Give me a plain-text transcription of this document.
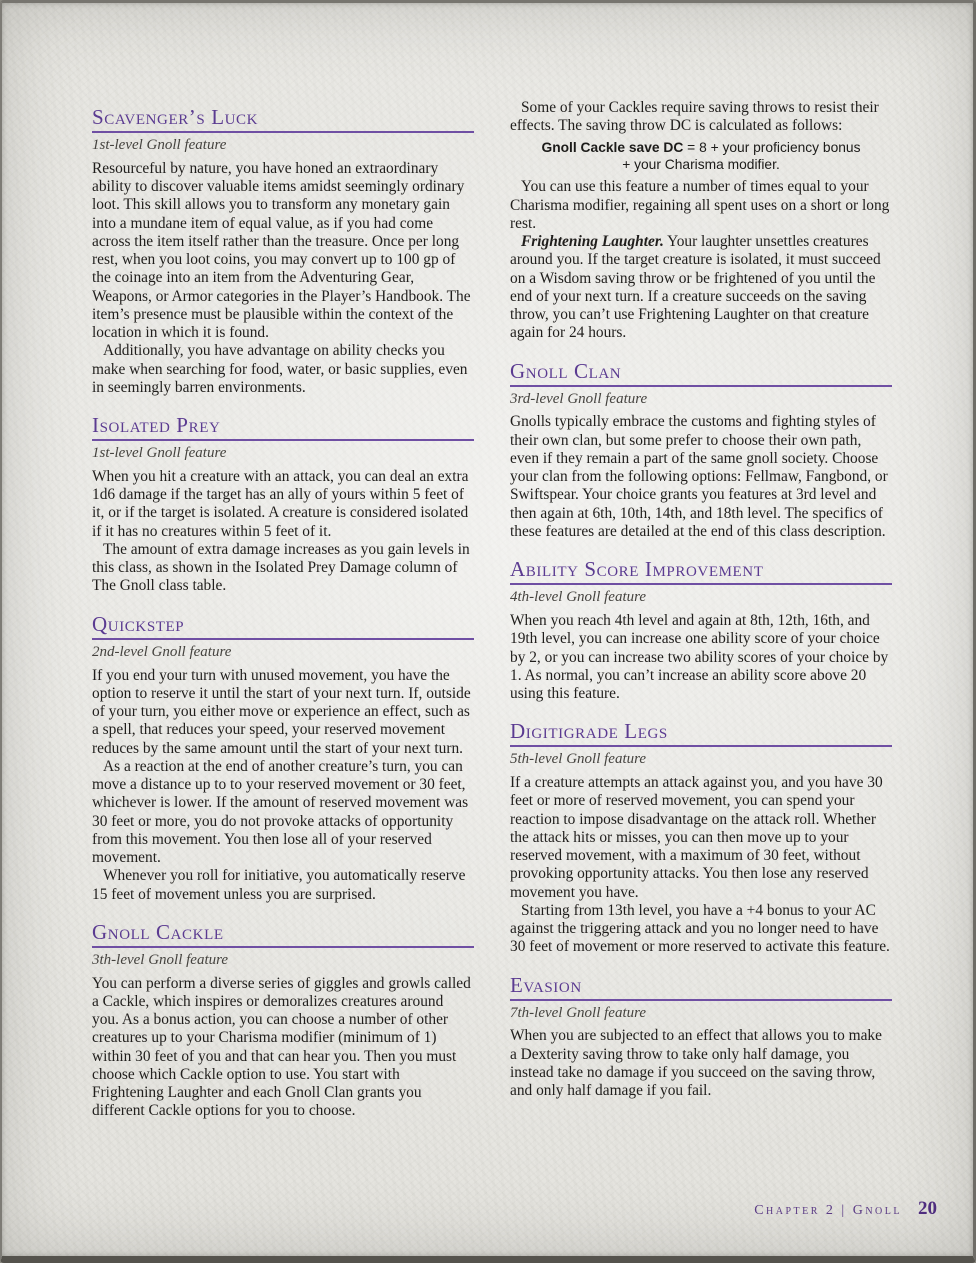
Scavenger’s Luck

1st-level Gnoll feature

Resourceful by nature, you have honed an extraordinary ability to discover valuable items amidst seemingly ordinary loot. This skill allows you to transform any monetary gain into a mundane item of equal value, as if you had come across the item itself rather than the treasure. Once per long rest, when you loot coins, you may convert up to 100 gp of the coinage into an item from the Adventuring Gear, Weapons, or Armor categories in the Player’s Handbook. The item’s presence must be plausible within the context of the location in which it is found.

Additionally, you have advantage on ability checks you make when searching for food, water, or basic supplies, even in seemingly barren environments.

Isolated Prey

1st-level Gnoll feature

When you hit a creature with an attack, you can deal an extra 1d6 damage if the target has an ally of yours within 5 feet of it, or if the target is isolated. A creature is considered isolated if it has no creatures within 5 feet of it.

The amount of extra damage increases as you gain levels in this class, as shown in the Isolated Prey Damage column of The Gnoll class table.

Quickstep

2nd-level Gnoll feature

If you end your turn with unused movement, you have the option to reserve it until the start of your next turn. If, outside of your turn, you either move or experience an effect, such as a spell, that reduces your speed, your reserved movement reduces by the same amount until the start of your next turn.

As a reaction at the end of another creature’s turn, you can move a distance up to to your reserved movement or 30 feet, whichever is lower. If the amount of reserved movement was 30 feet or more, you do not provoke attacks of opportunity from this movement. You then lose all of your reserved movement.

Whenever you roll for initiative, you automatically reserve 15 feet of movement unless you are surprised.

Gnoll Cackle

3th-level Gnoll feature

You can perform a diverse series of giggles and growls called a Cackle, which inspires or demoralizes creatures around you. As a bonus action, you can choose a number of other creatures up to your Charisma modifier (minimum of 1) within 30 feet of you and that can hear you. Then you must choose which Cackle option to use. You start with Frightening Laughter and each Gnoll Clan grants you different Cackle options for you to choose.

Some of your Cackles require saving throws to resist their effects. The saving throw DC is calculated as follows:

Gnoll Cackle save DC = 8 + your proficiency bonus
+ your Charisma modifier.

You can use this feature a number of times equal to your Charisma modifier, regaining all spent uses on a short or long rest.

Frightening Laughter. Your laughter unsettles creatures around you. If the target creature is isolated, it must succeed on a Wisdom saving throw or be frightened of you until the end of your next turn. If a creature succeeds on the saving throw, you can’t use Frightening Laughter on that creature again for 24 hours.

Gnoll Clan

3rd-level Gnoll feature

Gnolls typically embrace the customs and fighting styles of their own clan, but some prefer to choose their own path, even if they remain a part of the same gnoll society. Choose your clan from the following options: Fellmaw, Fangbond, or Swiftspear. Your choice grants you features at 3rd level and then again at 6th, 10th, 14th, and 18th level. The specifics of these features are detailed at the end of this class description.

Ability Score Improvement

4th-level Gnoll feature

When you reach 4th level and again at 8th, 12th, 16th, and 19th level, you can increase one ability score of your choice by 2, or you can increase two ability scores of your choice by 1. As normal, you can’t increase an ability score above 20 using this feature.

Digitigrade Legs

5th-level Gnoll feature

If a creature attempts an attack against you, and you have 30 feet or more of reserved movement, you can spend your reaction to impose disadvantage on the attack roll. Whether the attack hits or misses, you can then move up to your reserved movement, with a maximum of 30 feet, without provoking opportunity attacks. You then lose any reserved movement you have.

Starting from 13th level, you have a +4 bonus to your AC against the triggering attack and you no longer need to have 30 feet of movement or more reserved to activate this feature.

Evasion

7th-level Gnoll feature

When you are subjected to an effect that allows you to make a Dexterity saving throw to take only half damage, you instead take no damage if you succeed on the saving throw, and only half damage if you fail.

Chapter 2 | Gnoll 20
